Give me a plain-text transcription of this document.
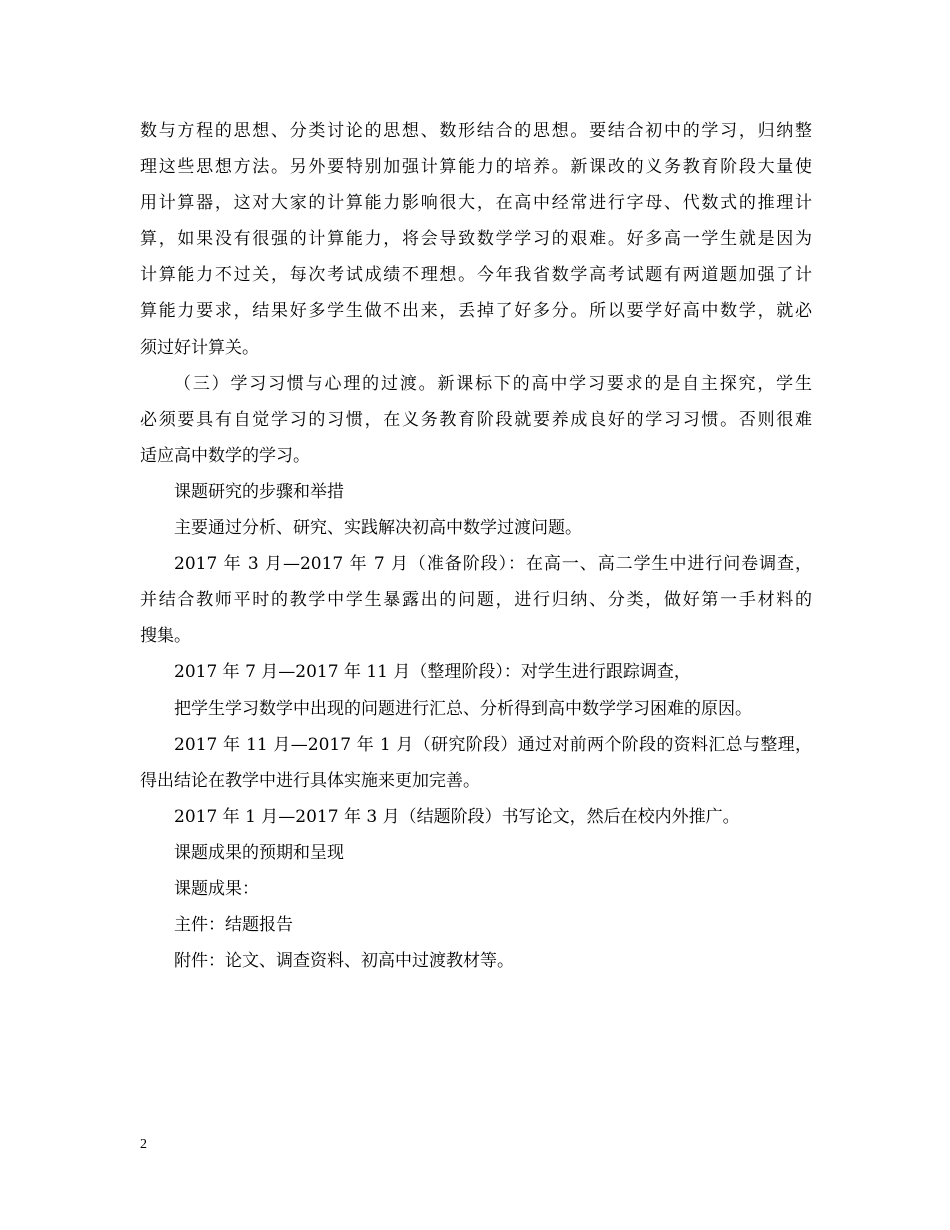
数与方程的思想、分类讨论的思想、数形结合的思想。要结合初中的学习，归纳整
理这些思想方法。另外要特别加强计算能力的培养。新课改的义务教育阶段大量使
用计算器，这对大家的计算能力影响很大，在高中经常进行字母、代数式的推理计
算，如果没有很强的计算能力，将会导致数学学习的艰难。好多高一学生就是因为
计算能力不过关，每次考试成绩不理想。今年我省数学高考试题有两道题加强了计
算能力要求，结果好多学生做不出来，丢掉了好多分。所以要学好高中数学，就必
须过好计算关。
（三）学习习惯与心理的过渡。新课标下的高中学习要求的是自主探究，学生
必须要具有自觉学习的习惯，在义务教育阶段就要养成良好的学习习惯。否则很难
适应高中数学的学习。
课题研究的步骤和举措
主要通过分析、研究、实践解决初高中数学过渡问题。
2017 年 3 月—2017 年 7 月（准备阶段）：在高一、高二学生中进行问卷调查，
并结合教师平时的教学中学生暴露出的问题，进行归纳、分类，做好第一手材料的
搜集。
2017 年 7 月—2017 年 11 月（整理阶段）：对学生进行跟踪调查，
把学生学习数学中出现的问题进行汇总、分析得到高中数学学习困难的原因。
2017 年 11 月—2017 年 1 月（研究阶段）通过对前两个阶段的资料汇总与整理，
得出结论在教学中进行具体实施来更加完善。
2017 年 1 月—2017 年 3 月（结题阶段）书写论文，然后在校内外推广。
课题成果的预期和呈现
课题成果：
主件：结题报告
附件：论文、调查资料、初高中过渡教材等。
2
